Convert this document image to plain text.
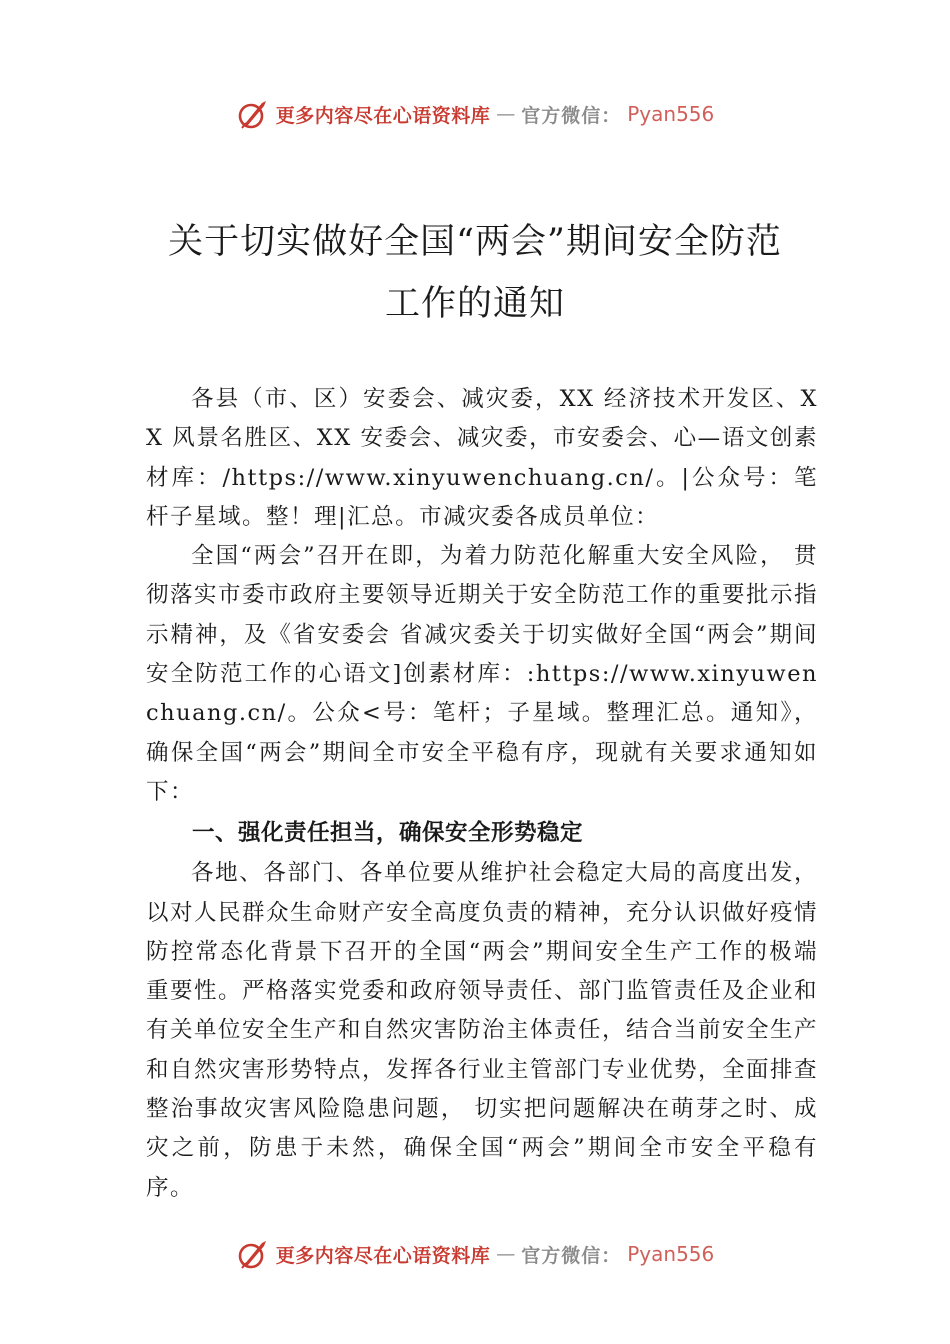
更多内容尽在心语资料库 — 官方微信： Pyan556
关于切实做好全国“两会”期间安全防范
工作的通知

各县（市、区）安委会、减灾委，XX 经济技术开发区、XX 风景名胜区、XX 安委会、减灾委，市安委会、心—语文创素材库：/https://www.xinyuwenchuang.cn/。|公众号：笔杆子星域。整！理|汇总。市减灾委各成员单位：

全国“两会”召开在即，为着力防范化解重大安全风险， 贯彻落实市委市政府主要领导近期关于安全防范工作的重要批示指示精神，及《省安委会 省减灾委关于切实做好全国“两会”期间安全防范工作的心语文]创素材库：:https://www.xinyuwenchuang.cn/。公众<号：笔杆；子星域。整理汇总。通知》，确保全国“两会”期间全市安全平稳有序，现就有关要求通知如下：

一、强化责任担当，确保安全形势稳定

各地、各部门、各单位要从维护社会稳定大局的高度出发，以对人民群众生命财产安全高度负责的精神，充分认识做好疫情防控常态化背景下召开的全国“两会”期间安全生产工作的极端重要性。严格落实党委和政府领导责任、部门监管责任及企业和有关单位安全生产和自然灾害防治主体责任，结合当前安全生产和自然灾害形势特点，发挥各行业主管部门专业优势，全面排查整治事故灾害风险隐患问题， 切实把问题解决在萌芽之时、成灾之前，防患于未然，确保全国“两会”期间全市安全平稳有序。

更多内容尽在心语资料库 — 官方微信： Pyan556
